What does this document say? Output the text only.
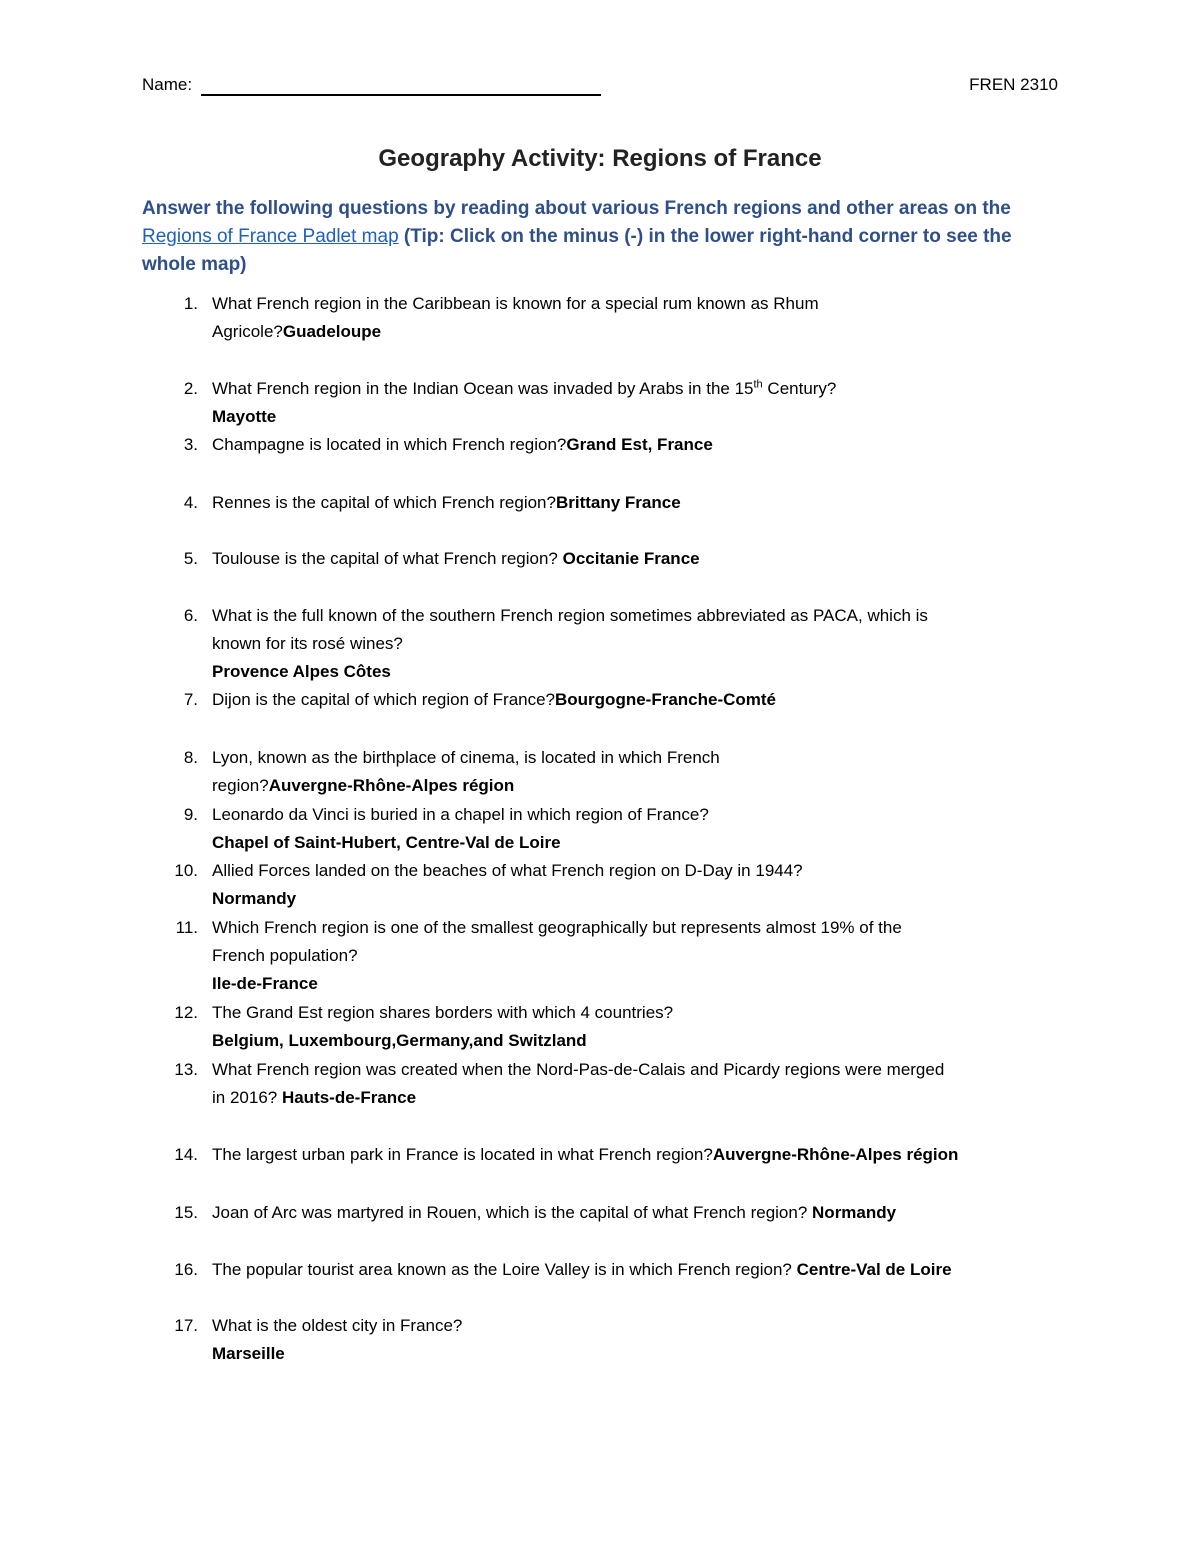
Name:	FREN 2310
Geography Activity: Regions of France
Answer the following questions by reading about various French regions and other areas on the Regions of France Padlet map (Tip: Click on the minus (-) in the lower right-hand corner to see the whole map)
1. What French region in the Caribbean is known for a special rum known as Rhum
Agricole?Guadeloupe
2. What French region in the Indian Ocean was invaded by Arabs in the 15th Century?
Mayotte
3. Champagne is located in which French region?Grand Est, France
4. Rennes is the capital of which French region?Brittany France
5. Toulouse is the capital of what French region? Occitanie France
6. What is the full known of the southern French region sometimes abbreviated as PACA, which is
known for its rosé wines?
Provence Alpes Côtes
7. Dijon is the capital of which region of France?Bourgogne-Franche-Comté
8. Lyon, known as the birthplace of cinema, is located in which French
region?Auvergne-Rhône-Alpes région
9. Leonardo da Vinci is buried in a chapel in which region of France?
Chapel of Saint-Hubert, Centre-Val de Loire
10. Allied Forces landed on the beaches of what French region on D-Day in 1944?
Normandy
11. Which French region is one of the smallest geographically but represents almost 19% of the
French population?
Ile-de-France
12. The Grand Est region shares borders with which 4 countries?
Belgium, Luxembourg,Germany,and Switzland
13. What French region was created when the Nord-Pas-de-Calais and Picardy regions were merged
in 2016? Hauts-de-France
14. The largest urban park in France is located in what French region?Auvergne-Rhône-Alpes région
15. Joan of Arc was martyred in Rouen, which is the capital of what French region? Normandy
16. The popular tourist area known as the Loire Valley is in which French region? Centre-Val de Loire
17. What is the oldest city in France?
Marseille
